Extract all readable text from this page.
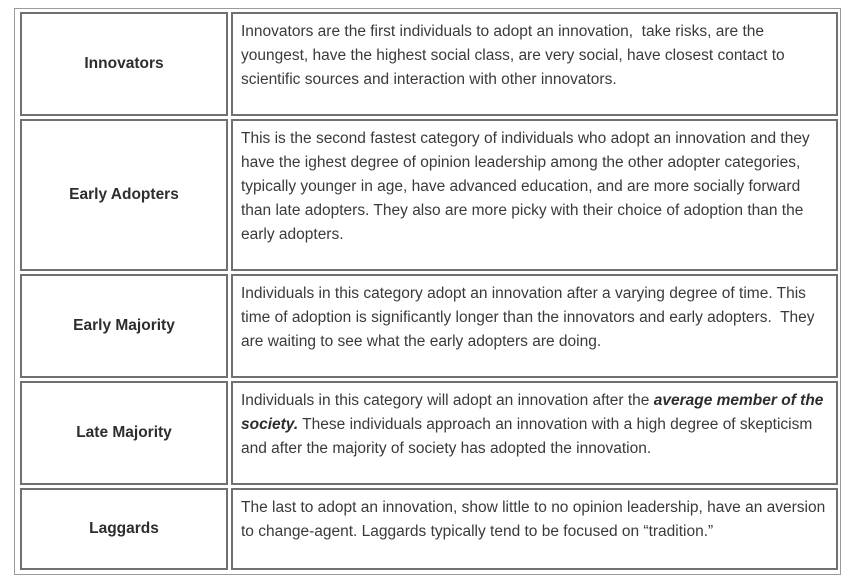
Innovators
Innovators are the first individuals to adopt an innovation,  take risks, are the youngest, have the highest social class, are very social, have closest contact to scientific sources and interaction with other innovators.
Early Adopters
This is the second fastest category of individuals who adopt an innovation and they have the ighest degree of opinion leadership among the other adopter categories, typically younger in age, have advanced education, and are more socially forward than late adopters. They also are more picky with their choice of adoption than the early adopters.
Early Majority
Individuals in this category adopt an innovation after a varying degree of time. This time of adoption is significantly longer than the innovators and early adopters.  They are waiting to see what the early adopters are doing.
Late Majority
Individuals in this category will adopt an innovation after the average member of the society. These individuals approach an innovation with a high degree of skepticism and after the majority of society has adopted the innovation.
Laggards
The last to adopt an innovation, show little to no opinion leadership, have an aversion to change-agent. Laggards typically tend to be focused on “tradition.”
